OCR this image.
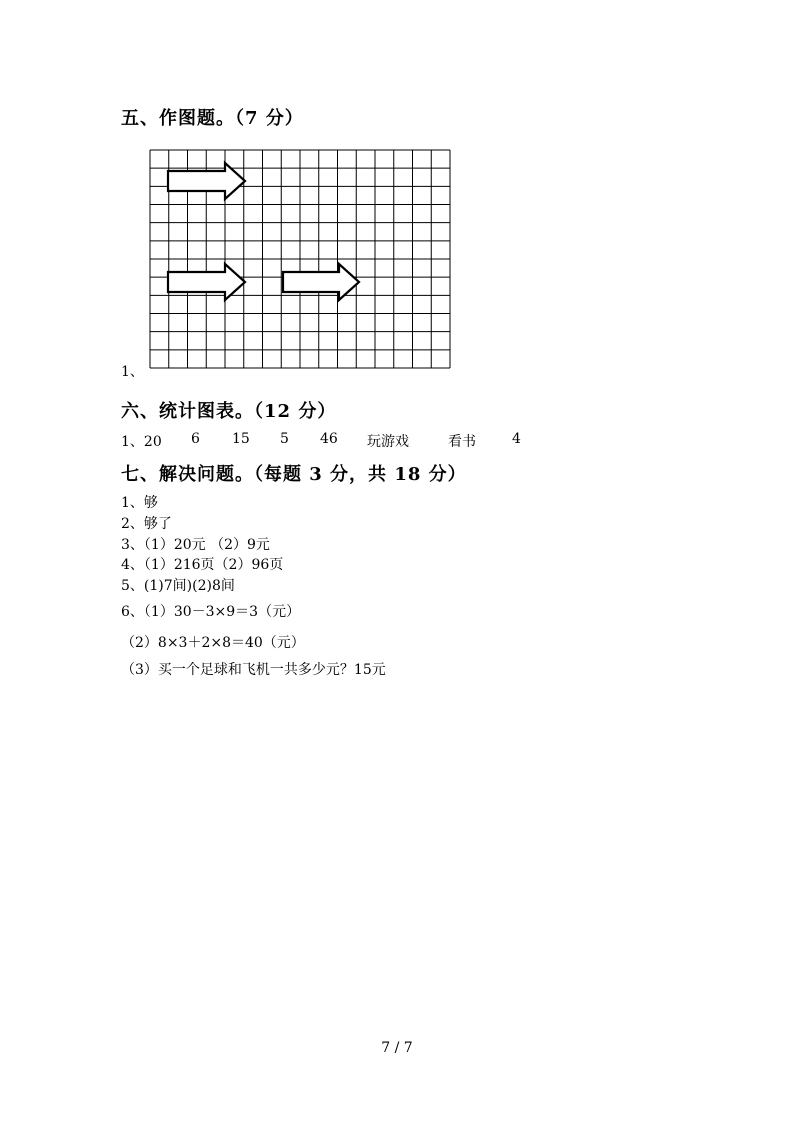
五、作图题。（7 分）
1、
六、统计图表。（12 分）
1、20 6 15 5 46 玩游戏	看书	4
七、解决问题。（每题 3 分，共 18 分）
1、够
2、够了
3、（1）20元 （2）9元
4、（1）216页（2）96页
5、(1)7间)(2)8间
6、（1）30－3×9＝3（元）
（2）8×3＋2×8＝40（元）
（3）买一个足球和飞机一共多少元？15元
7 / 7
